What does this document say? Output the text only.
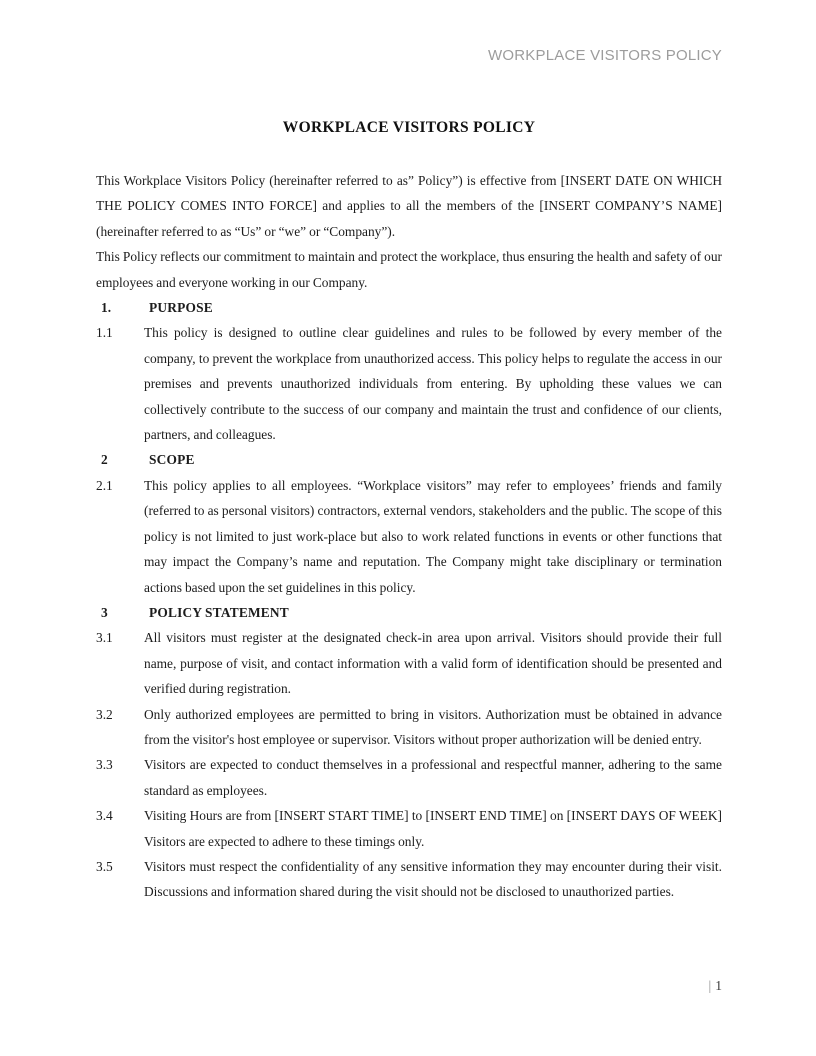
WORKPLACE VISITORS POLICY
WORKPLACE VISITORS POLICY

This Workplace Visitors Policy (hereinafter referred to as” Policy”) is effective from [INSERT DATE ON WHICH THE POLICY COMES INTO FORCE] and applies to all the members of the [INSERT COMPANY’S NAME] (hereinafter referred to as “Us” or “we” or “Company”).

This Policy reflects our commitment to maintain and protect the workplace, thus ensuring the health and safety of our employees and everyone working in our Company.

1.	PURPOSE
1.1	This policy is designed to outline clear guidelines and rules to be followed by every member of the company, to prevent the workplace from unauthorized access. This policy helps to regulate the access in our premises and prevents unauthorized individuals from entering. By upholding these values we can collectively contribute to the success of our company and maintain the trust and confidence of our clients, partners, and colleagues.
2	SCOPE
2.1	This policy applies to all employees. “Workplace visitors” may refer to employees’ friends and family (referred to as personal visitors) contractors, external vendors, stakeholders and the public. The scope of this policy is not limited to just work-place but also to work related functions in events or other functions that may impact the Company’s name and reputation. The Company might take disciplinary or termination actions based upon the set guidelines in this policy.
3	POLICY STATEMENT
3.1	All visitors must register at the designated check-in area upon arrival. Visitors should provide their full name, purpose of visit, and contact information with a valid form of identification should be presented and verified during registration.
3.2	Only authorized employees are permitted to bring in visitors. Authorization must be obtained in advance from the visitor's host employee or supervisor. Visitors without proper authorization will be denied entry.
3.3	Visitors are expected to conduct themselves in a professional and respectful manner, adhering to the same standard as employees.
3.4	Visiting Hours are from [INSERT START TIME] to [INSERT END TIME] on [INSERT DAYS OF WEEK] Visitors are expected to adhere to these timings only.
3.5	Visitors must respect the confidentiality of any sensitive information they may encounter during their visit. Discussions and information shared during the visit should not be disclosed to unauthorized parties.
| 1
